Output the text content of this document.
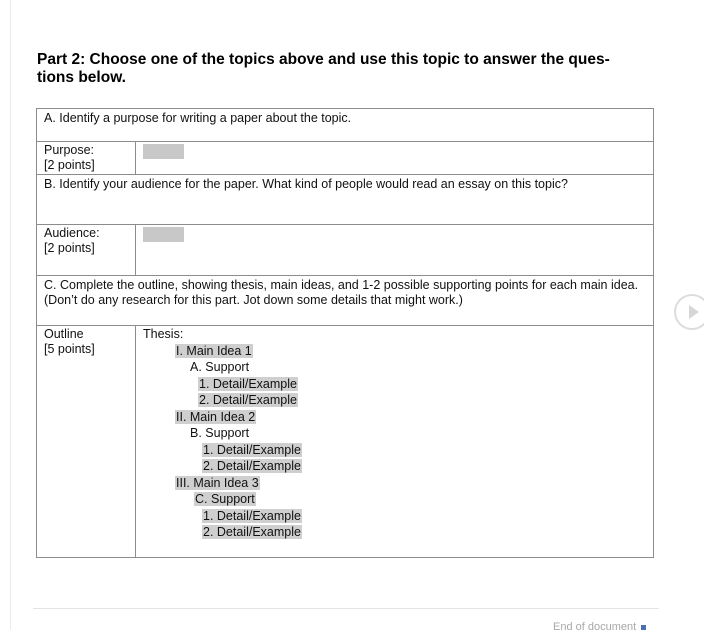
Part 2: Choose one of the topics above and use this topic to answer the ques-
tions below.
A. Identify a purpose for writing a paper about the topic.
Purpose:
[2 points]
B. Identify your audience for the paper. What kind of people would read an essay on this topic?
Audience:
[2 points]
C. Complete the outline, showing thesis, main ideas, and 1-2 possible supporting points for each main idea. (Don’t do any research for this part. Jot down some details that might work.)
Outline
[5 points]
Thesis:
I. Main Idea 1
A. Support
1. Detail/Example
2. Detail/Example
II. Main Idea 2
B. Support
1. Detail/Example
2. Detail/Example
III. Main Idea 3
C. Support
1. Detail/Example
2. Detail/Example
End of document
